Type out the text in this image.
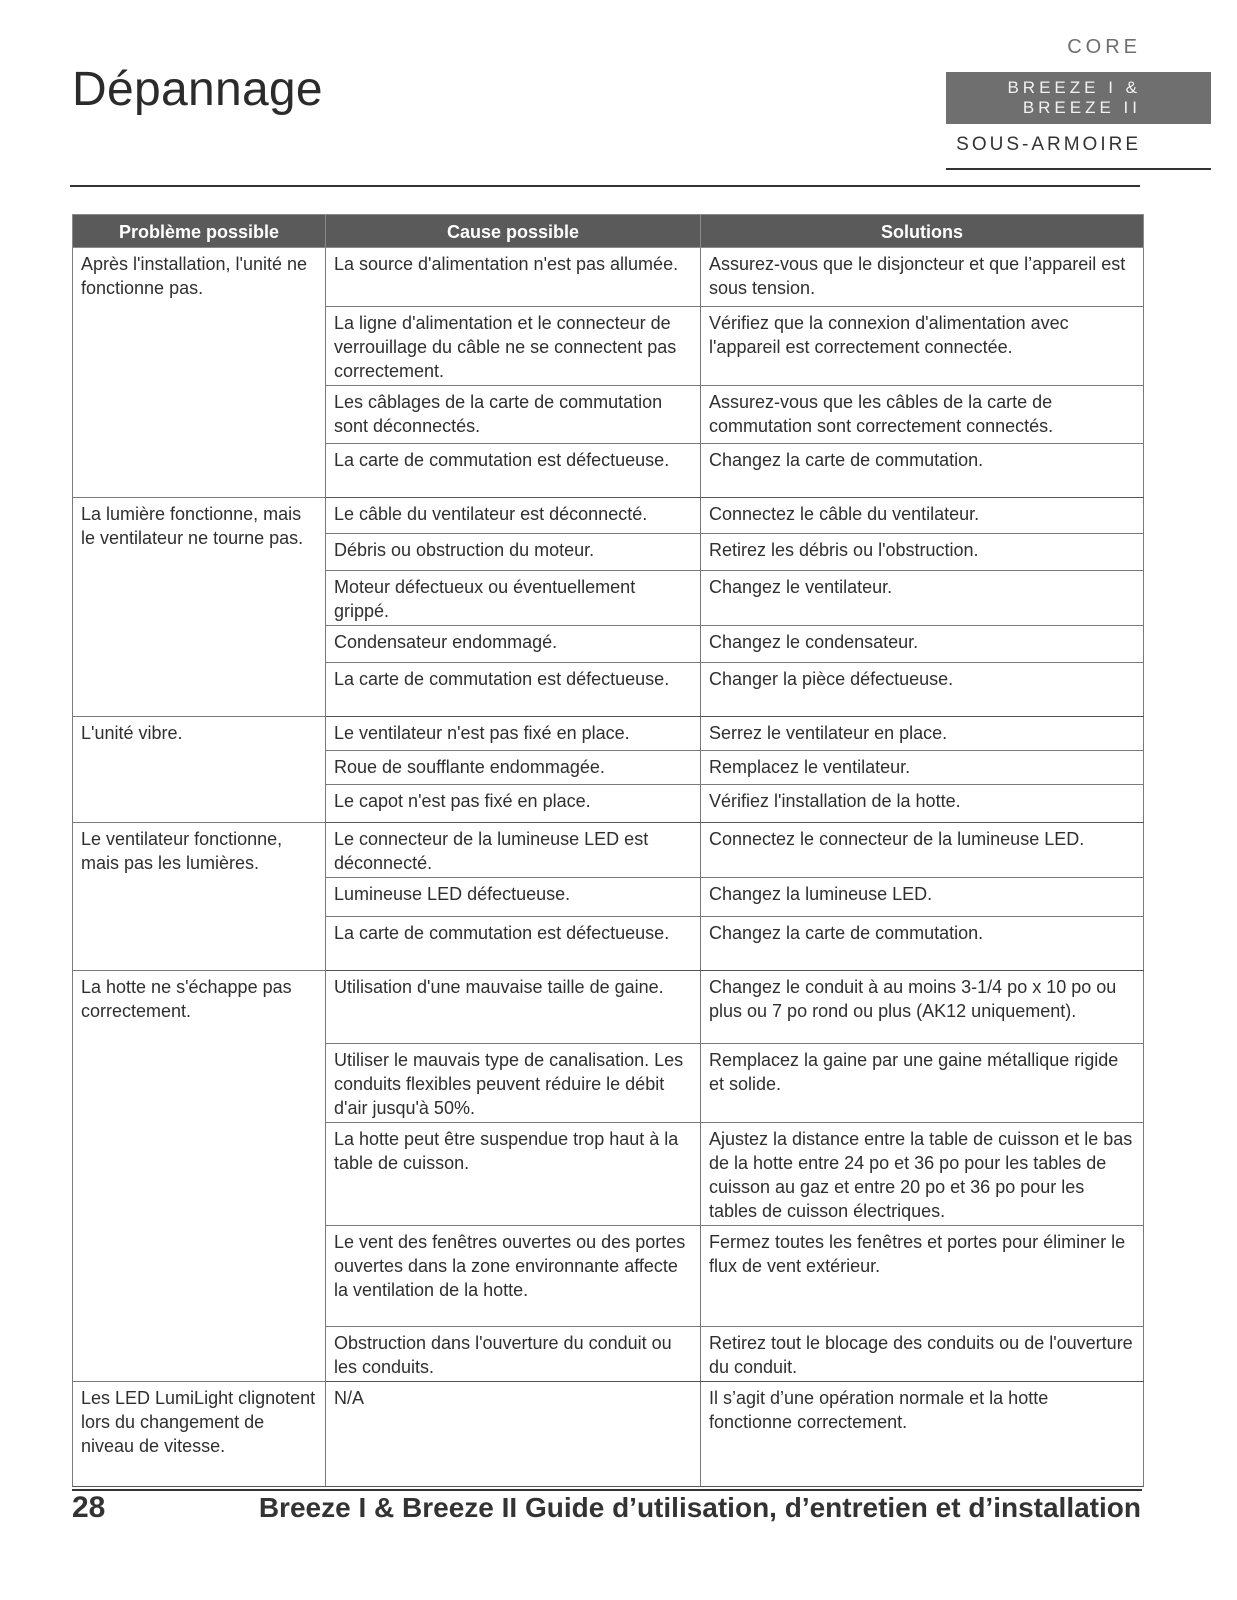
Dépannage
CORE
BREEZE I &
BREEZE II
SOUS-ARMOIRE
Problème possible	Cause possible	Solutions
Après l'installation, l'unité ne fonctionne pas.	La source d'alimentation n'est pas allumée.	Assurez-vous que le disjoncteur et que l’appareil est sous tension.
	La ligne d'alimentation et le connecteur de verrouillage du câble ne se connectent pas correctement.	Vérifiez que la connexion d'alimentation avec l'appareil est correctement connectée.
	Les câblages de la carte de commutation sont déconnectés.	Assurez-vous que les câbles de la carte de commutation sont correctement connectés.
	La carte de commutation est défectueuse.	Changez la carte de commutation.
La lumière fonctionne, mais le ventilateur ne tourne pas.	Le câble du ventilateur est déconnecté.	Connectez le câble du ventilateur.
	Débris ou obstruction du moteur.	Retirez les débris ou l'obstruction.
	Moteur défectueux ou éventuellement grippé.	Changez le ventilateur.
	Condensateur endommagé.	Changez le condensateur.
	La carte de commutation est défectueuse.	Changer la pièce défectueuse.
L'unité vibre.	Le ventilateur n'est pas fixé en place.	Serrez le ventilateur en place.
	Roue de soufflante endommagée.	Remplacez le ventilateur.
	Le capot n'est pas fixé en place.	Vérifiez l'installation de la hotte.
Le ventilateur fonctionne, mais pas les lumières.	Le connecteur de la lumineuse LED est déconnecté.	Connectez le connecteur de la lumineuse LED.
	Lumineuse LED défectueuse.	Changez la lumineuse LED.
	La carte de commutation est défectueuse.	Changez la carte de commutation.
La hotte ne s'échappe pas correctement.	Utilisation d'une mauvaise taille de gaine.	Changez le conduit à au moins 3-1/4 po x 10 po ou plus ou 7 po rond ou plus (AK12 uniquement).
	Utiliser le mauvais type de canalisation. Les conduits flexibles peuvent réduire le débit d'air jusqu'à 50%.	Remplacez la gaine par une gaine métallique rigide et solide.
	La hotte peut être suspendue trop haut à la table de cuisson.	Ajustez la distance entre la table de cuisson et le bas de la hotte entre 24 po et 36 po pour les tables de cuisson au gaz et entre 20 po et 36 po pour les tables de cuisson électriques.
	Le vent des fenêtres ouvertes ou des portes ouvertes dans la zone environnante affecte la ventilation de la hotte.	Fermez toutes les fenêtres et portes pour éliminer le flux de vent extérieur.
	Obstruction dans l'ouverture du conduit ou les conduits.	Retirez tout le blocage des conduits ou de l'ouverture du conduit.
Les LED LumiLight clignotent lors du changement de niveau de vitesse.	N/A	Il s’agit d’une opération normale et la hotte fonctionne correctement.
28	Breeze I & Breeze II Guide d’utilisation, d’entretien et d’installation
